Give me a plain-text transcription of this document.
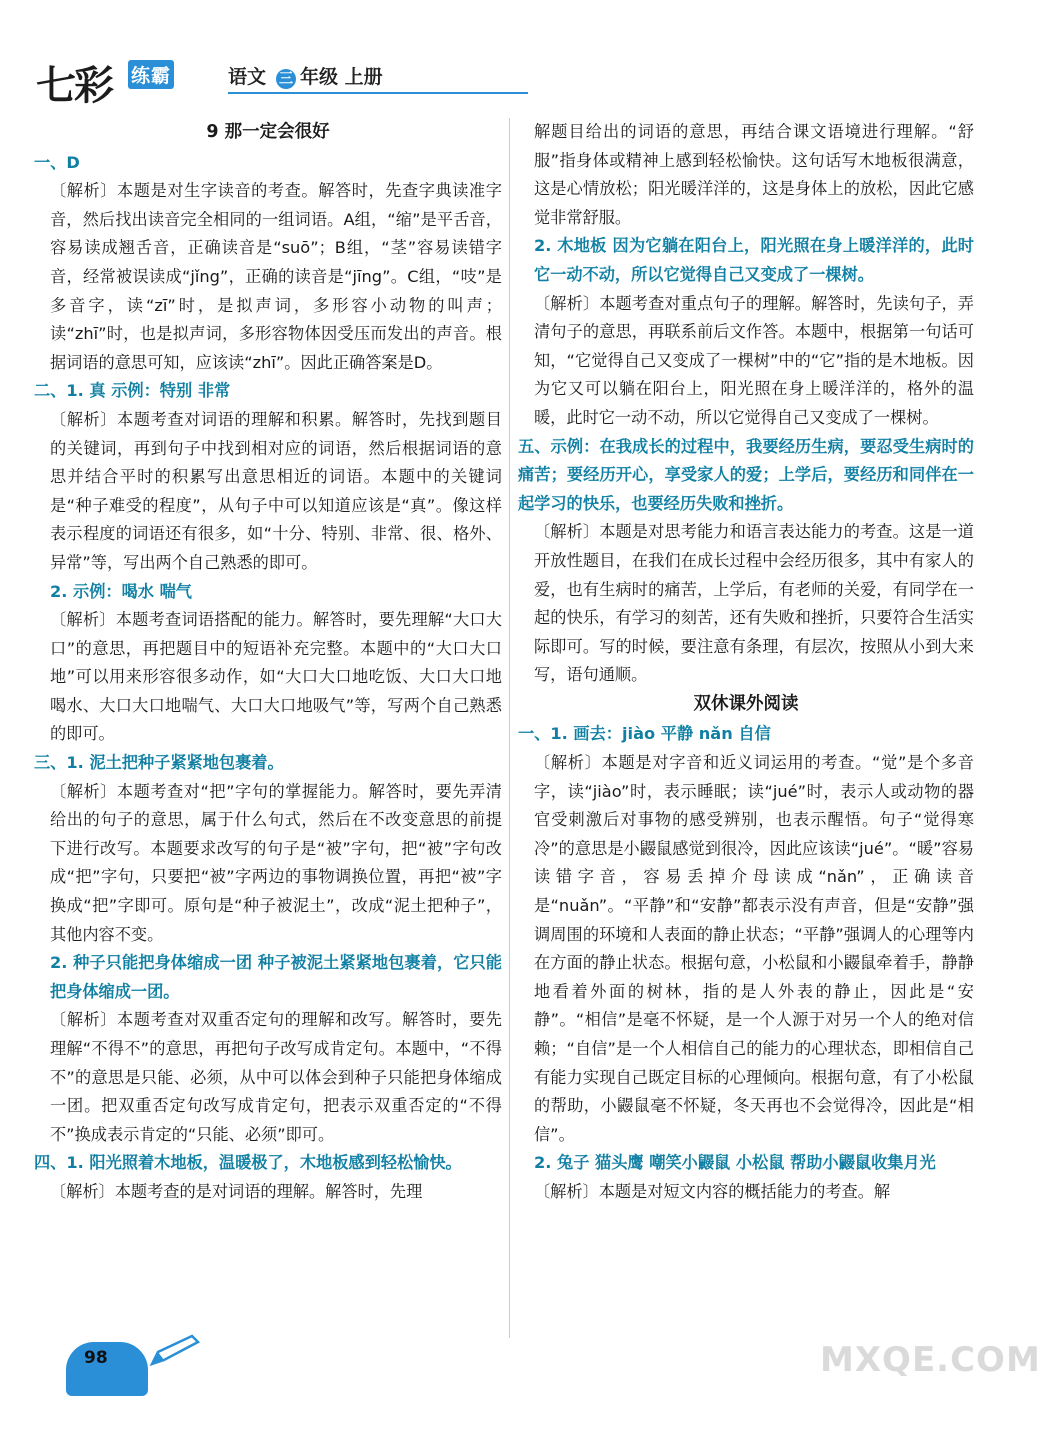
七彩 练霸	语文 三 年级 上册
9 那一定会很好

一、D

〔解析〕本题是对生字读音的考查。解答时，先查字典读准字音，然后找出读音完全相同的一组词语。A组，“缩”是平舌音，容易读成翘舌音，正确读音是“suō”；B组，“茎”容易读错字音，经常被误读成“jǐng”，正确的读音是“jīng”。C组，“吱”是多音字，读“zī”时，是拟声词，多形容小动物的叫声；读“zhī”时，也是拟声词，多形容物体因受压而发出的声音。根据词语的意思可知，应该读“zhī”。因此正确答案是D。

二、1. 真 示例：特别 非常

〔解析〕本题考查对词语的理解和积累。解答时，先找到题目的关键词，再到句子中找到相对应的词语，然后根据词语的意思并结合平时的积累写出意思相近的词语。本题中的关键词是“种子难受的程度”，从句子中可以知道应该是“真”。像这样表示程度的词语还有很多，如“十分、特别、非常、很、格外、异常”等，写出两个自己熟悉的即可。

2. 示例：喝水 喘气

〔解析〕本题考查词语搭配的能力。解答时，要先理解“大口大口”的意思，再把题目中的短语补充完整。本题中的“大口大口地”可以用来形容很多动作，如“大口大口地吃饭、大口大口地喝水、大口大口地喘气、大口大口地吸气”等，写两个自己熟悉的即可。

三、1. 泥土把种子紧紧地包裹着。

〔解析〕本题考查对“把”字句的掌握能力。解答时，要先弄清给出的句子的意思，属于什么句式，然后在不改变意思的前提下进行改写。本题要求改写的句子是“被”字句，把“被”字句改成“把”字句，只要把“被”字两边的事物调换位置，再把“被”字换成“把”字即可。原句是“种子被泥土”，改成“泥土把种子”，其他内容不变。

2. 种子只能把身体缩成一团 种子被泥土紧紧地包裹着，它只能把身体缩成一团。

〔解析〕本题考查对双重否定句的理解和改写。解答时，要先理解“不得不”的意思，再把句子改写成肯定句。本题中，“不得不”的意思是只能、必须，从中可以体会到种子只能把身体缩成一团。把双重否定句改写成肯定句，把表示双重否定的“不得不”换成表示肯定的“只能、必须”即可。

四、1. 阳光照着木地板，温暖极了，木地板感到轻松愉快。

〔解析〕本题考查的是对词语的理解。解答时，先理

解题目给出的词语的意思，再结合课文语境进行理解。“舒服”指身体或精神上感到轻松愉快。这句话写木地板很满意，这是心情放松；阳光暖洋洋的，这是身体上的放松，因此它感觉非常舒服。

2. 木地板 因为它躺在阳台上，阳光照在身上暖洋洋的，此时它一动不动，所以它觉得自己又变成了一棵树。

〔解析〕本题考查对重点句子的理解。解答时，先读句子，弄清句子的意思，再联系前后文作答。本题中，根据第一句话可知，“它觉得自己又变成了一棵树”中的“它”指的是木地板。因为它又可以躺在阳台上，阳光照在身上暖洋洋的，格外的温暖，此时它一动不动，所以它觉得自己又变成了一棵树。

五、示例：在我成长的过程中，我要经历生病，要忍受生病时的痛苦；要经历开心，享受家人的爱；上学后，要经历和同伴在一起学习的快乐，也要经历失败和挫折。

〔解析〕本题是对思考能力和语言表达能力的考查。这是一道开放性题目，在我们在成长过程中会经历很多，其中有家人的爱，也有生病时的痛苦，上学后，有老师的关爱，有同学在一起的快乐，有学习的刻苦，还有失败和挫折，只要符合生活实际即可。写的时候，要注意有条理，有层次，按照从小到大来写，语句通顺。

双休课外阅读

一、1. 画去：jiào 平静 nǎn 自信

〔解析〕本题是对字音和近义词运用的考查。“觉”是个多音字，读“jiào”时，表示睡眠；读“jué”时，表示人或动物的器官受刺激后对事物的感受辨别，也表示醒悟。句子“觉得寒冷”的意思是小鼹鼠感觉到很冷，因此应该读“jué”。“暖”容易读错字音，容易丢掉介母读成“nǎn”，正确读音是“nuǎn”。“平静”和“安静”都表示没有声音，但是“安静”强调周围的环境和人表面的静止状态；“平静”强调人的心理等内在方面的静止状态。根据句意，小松鼠和小鼹鼠牵着手，静静地看着外面的树林，指的是人外表的静止，因此是“安静”。“相信”是毫不怀疑，是一个人源于对另一个人的绝对信赖；“自信”是一个人相信自己的能力的心理状态，即相信自己有能力实现自己既定目标的心理倾向。根据句意，有了小松鼠的帮助，小鼹鼠毫不怀疑，冬天再也不会觉得冷，因此是“相信”。

2. 兔子 猫头鹰 嘲笑小鼹鼠 小松鼠 帮助小鼹鼠收集月光

〔解析〕本题是对短文内容的概括能力的考查。解

98	MXQE.COM
